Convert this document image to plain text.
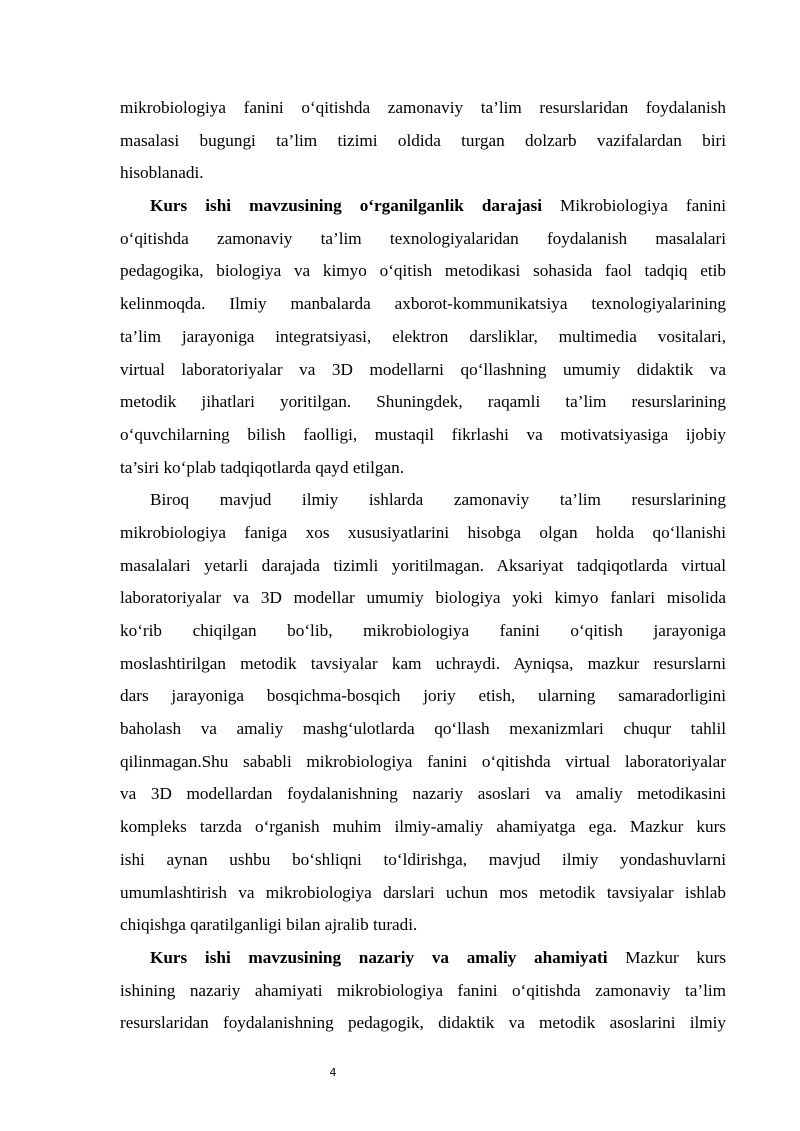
mikrobiologiya fanini o‘qitishda zamonaviy ta’lim resurslaridan foydalanish
masalasi bugungi ta’lim tizimi oldida turgan dolzarb vazifalardan biri
hisoblanadi.
Kurs ishi mavzusining o‘rganilganlik darajasi Mikrobiologiya fanini
o‘qitishda zamonaviy ta’lim texnologiyalaridan foydalanish masalalari
pedagogika, biologiya va kimyo o‘qitish metodikasi sohasida faol tadqiq etib
kelinmoqda. Ilmiy manbalarda axborot-kommunikatsiya texnologiyalarining
ta’lim jarayoniga integratsiyasi, elektron darsliklar, multimedia vositalari,
virtual laboratoriyalar va 3D modellarni qo‘llashning umumiy didaktik va
metodik jihatlari yoritilgan. Shuningdek, raqamli ta’lim resurslarining
o‘quvchilarning bilish faolligi, mustaqil fikrlashi va motivatsiyasiga ijobiy
ta’siri ko‘plab tadqiqotlarda qayd etilgan.
Biroq mavjud ilmiy ishlarda zamonaviy ta’lim resurslarining
mikrobiologiya faniga xos xususiyatlarini hisobga olgan holda qo‘llanishi
masalalari yetarli darajada tizimli yoritilmagan. Aksariyat tadqiqotlarda virtual
laboratoriyalar va 3D modellar umumiy biologiya yoki kimyo fanlari misolida
ko‘rib chiqilgan bo‘lib, mikrobiologiya fanini o‘qitish jarayoniga
moslashtirilgan metodik tavsiyalar kam uchraydi. Ayniqsa, mazkur resurslarni
dars jarayoniga bosqichma-bosqich joriy etish, ularning samaradorligini
baholash va amaliy mashg‘ulotlarda qo‘llash mexanizmlari chuqur tahlil
qilinmagan.Shu sababli mikrobiologiya fanini o‘qitishda virtual laboratoriyalar
va 3D modellardan foydalanishning nazariy asoslari va amaliy metodikasini
kompleks tarzda o‘rganish muhim ilmiy-amaliy ahamiyatga ega. Mazkur kurs
ishi aynan ushbu bo‘shliqni to‘ldirishga, mavjud ilmiy yondashuvlarni
umumlashtirish va mikrobiologiya darslari uchun mos metodik tavsiyalar ishlab
chiqishga qaratilganligi bilan ajralib turadi.
Kurs ishi mavzusining nazariy va amaliy ahamiyati Mazkur kurs
ishining nazariy ahamiyati mikrobiologiya fanini o‘qitishda zamonaviy ta’lim
resurslaridan foydalanishning pedagogik, didaktik va metodik asoslarini ilmiy
4
